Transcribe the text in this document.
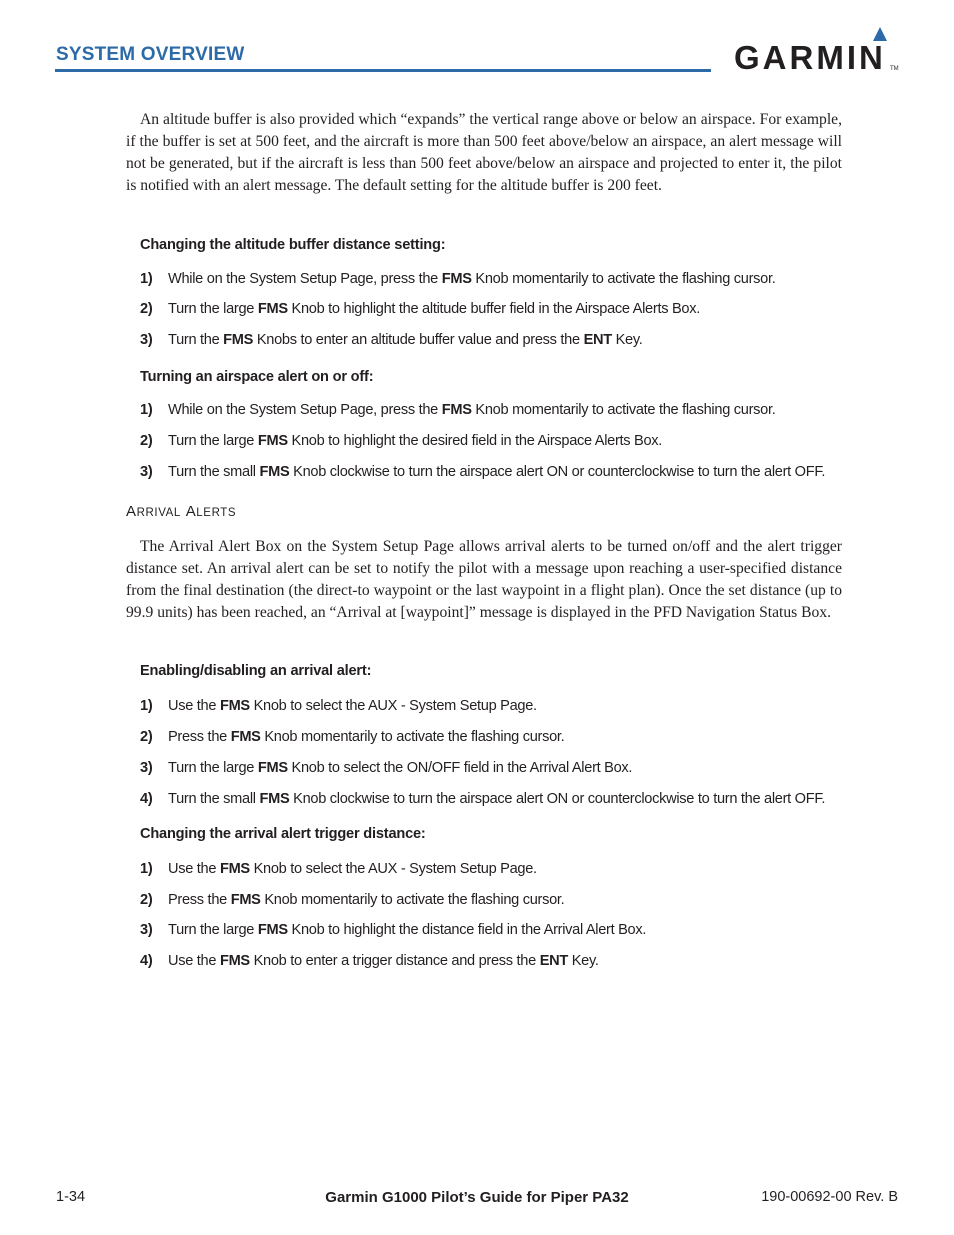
SYSTEM OVERVIEW	GARMIN TM

An altitude buffer is also provided which “expands” the vertical range above or below an airspace. For example, if the buffer is set at 500 feet, and the aircraft is more than 500 feet above/below an airspace, an alert message will not be generated, but if the aircraft is less than 500 feet above/below an airspace and projected to enter it, the pilot is notified with an alert message. The default setting for the altitude buffer is 200 feet.

Changing the altitude buffer distance setting:
1) While on the System Setup Page, press the FMS Knob momentarily to activate the flashing cursor.
2) Turn the large FMS Knob to highlight the altitude buffer field in the Airspace Alerts Box.
3) Turn the FMS Knobs to enter an altitude buffer value and press the ENT Key.
Turning an airspace alert on or off:
1) While on the System Setup Page, press the FMS Knob momentarily to activate the flashing cursor.
2) Turn the large FMS Knob to highlight the desired field in the Airspace Alerts Box.
3) Turn the small FMS Knob clockwise to turn the airspace alert ON or counterclockwise to turn the alert OFF.
ARRIVAL ALERTS

The Arrival Alert Box on the System Setup Page allows arrival alerts to be turned on/off and the alert trigger distance set. An arrival alert can be set to notify the pilot with a message upon reaching a user-specified distance from the final destination (the direct-to waypoint or the last waypoint in a flight plan). Once the set distance (up to 99.9 units) has been reached, an “Arrival at [waypoint]” message is displayed in the PFD Navigation Status Box.

Enabling/disabling an arrival alert:
1) Use the FMS Knob to select the AUX - System Setup Page.
2) Press the FMS Knob momentarily to activate the flashing cursor.
3) Turn the large FMS Knob to select the ON/OFF field in the Arrival Alert Box.
4) Turn the small FMS Knob clockwise to turn the airspace alert ON or counterclockwise to turn the alert OFF.
Changing the arrival alert trigger distance:
1) Use the FMS Knob to select the AUX - System Setup Page.
2) Press the FMS Knob momentarily to activate the flashing cursor.
3) Turn the large FMS Knob to highlight the distance field in the Arrival Alert Box.
4) Use the FMS Knob to enter a trigger distance and press the ENT Key.
1-34	Garmin G1000 Pilot’s Guide for Piper PA32	190-00692-00 Rev. B
